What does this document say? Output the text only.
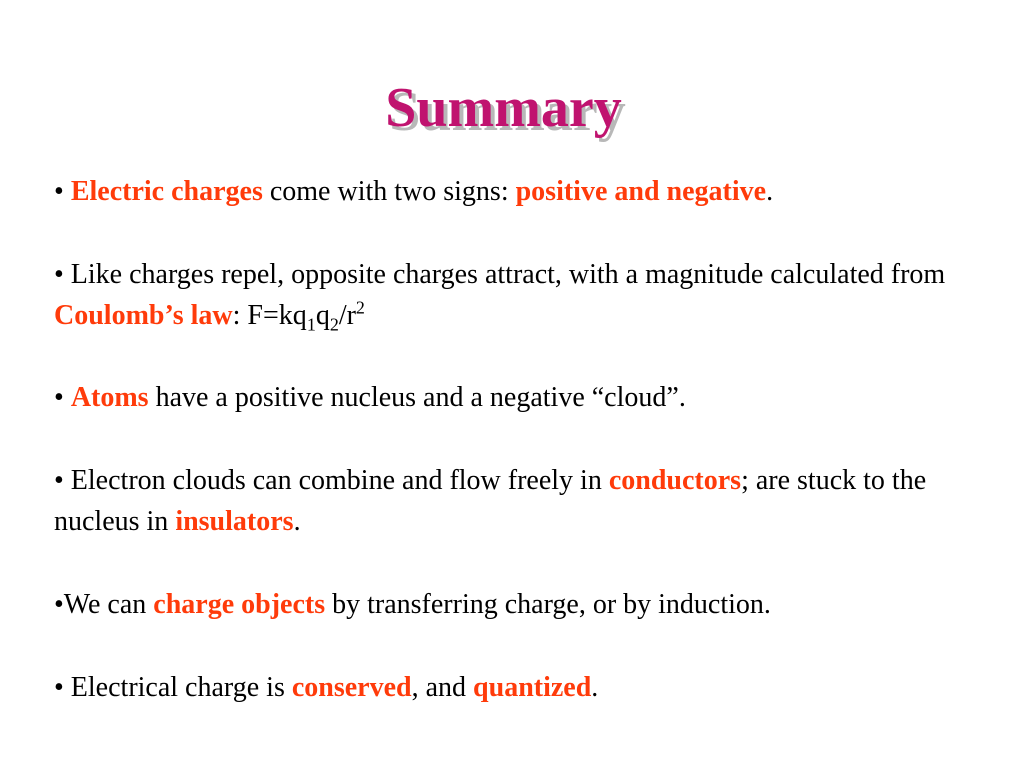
Summary

• Electric charges come with two signs: positive and negative.

• Like charges repel, opposite charges attract, with a magnitude calculated from Coulomb’s law: $F=kq_1q_2/r^2$

• Atoms have a positive nucleus and a negative “cloud”.

• Electron clouds can combine and flow freely in conductors; are stuck to the nucleus in insulators.

•We can charge objects by transferring charge, or by induction.

• Electrical charge is conserved, and quantized.
